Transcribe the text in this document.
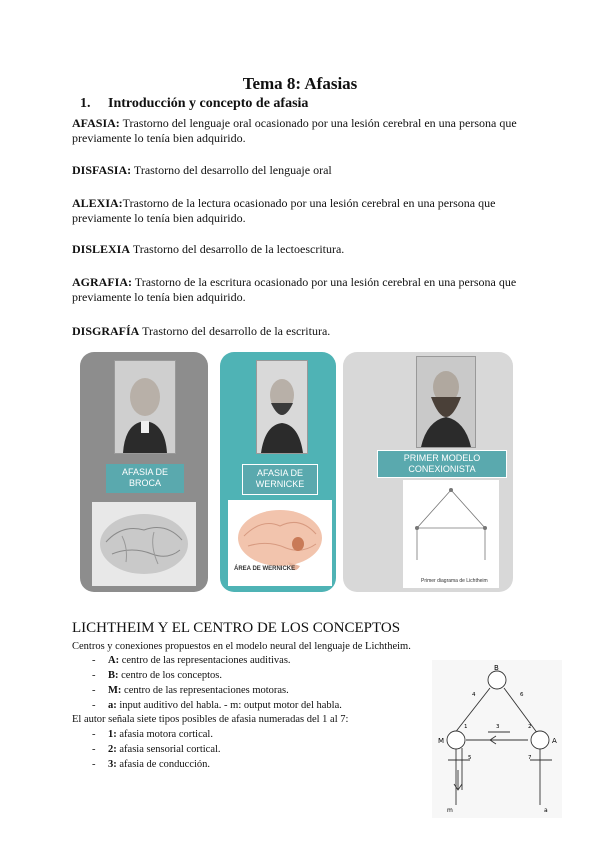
Tema 8: Afasias
1. Introducción y concepto de afasia
AFASIA: Trastorno del lenguaje oral ocasionado por una lesión cerebral en una persona que previamente lo tenía bien adquirido.
DISFASIA: Trastorno del desarrollo del lenguaje oral
ALEXIA:Trastorno de la lectura ocasionado por una lesión cerebral en una persona que previamente lo tenía bien adquirido.
DISLEXIA Trastorno del desarrollo de la lectoescritura.
AGRAFIA: Trastorno de la escritura ocasionado por una lesión cerebral en una persona que previamente lo tenía bien adquirido.
DISGRAFÍA Trastorno del desarrollo de la escritura.
AFASIA DE BROCA
AFASIA DE WERNICKE
ÁREA DE WERNICKE
PRIMER MODELO CONEXIONISTA
Primer diagrama de Lichtheim
LICHTHEIM Y EL CENTRO DE LOS CONCEPTOS
Centros y conexiones propuestos en el modelo neural del lenguaje de Lichtheim.
- A: centro de las representaciones auditivas.
- B: centro de los conceptos.
- M: centro de las representaciones motoras.
- a: input auditivo del habla. - m: output motor del habla.
El autor señala siete tipos posibles de afasia numeradas del 1 al 7:
- 1: afasia motora cortical.
- 2: afasia sensorial cortical.
- 3: afasia de conducción.
B
M	A
m	a
1	2
3
4
5
6
7
